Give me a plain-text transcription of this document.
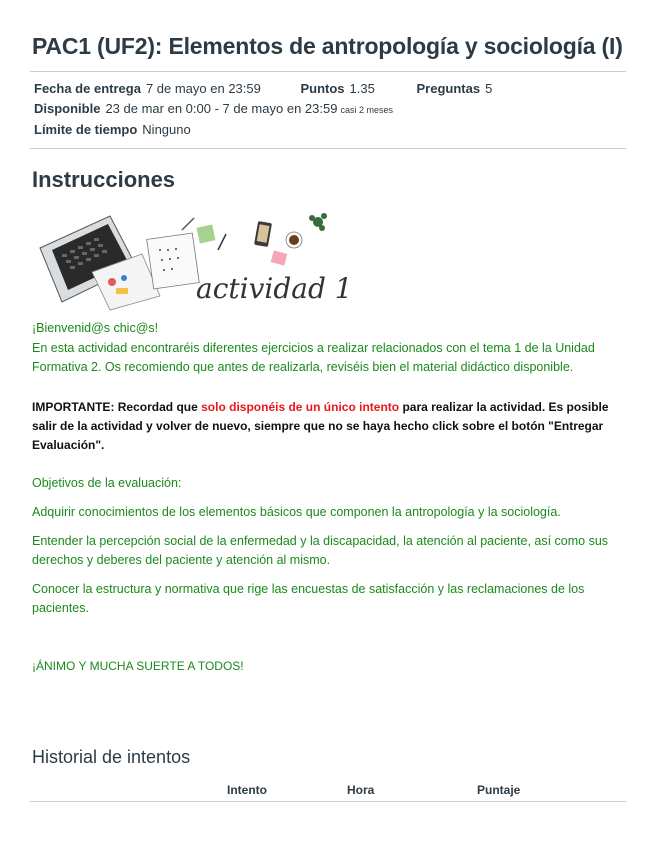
PAC1 (UF2): Elementos de antropología y sociología (I)
Fecha de entrega 7 de mayo en 23:59	Puntos 1.35	Preguntas 5
Disponible 23 de mar en 0:00 - 7 de mayo en 23:59 casi 2 meses
Límite de tiempo Ninguno
Instrucciones
actividad 1
¡Bienvenid@s chic@s!
En esta actividad encontraréis diferentes ejercicios a realizar relacionados con el tema 1 de la Unidad
Formativa 2. Os recomiendo que antes de realizarla, reviséis bien el material didáctico disponible.
IMPORTANTE: Recordad que solo disponéis de un único intento para realizar la actividad. Es posible
salir de la actividad y volver de nuevo, siempre que no se haya hecho click sobre el botón "Entregar
Evaluación".
Objetivos de la evaluación:
Adquirir conocimientos de los elementos básicos que componen la antropología y la sociología.
Entender la percepción social de la enfermedad y la discapacidad, la atención al paciente, así como sus
derechos y deberes del paciente y atención al mismo.
Conocer la estructura y normativa que rige las encuestas de satisfacción y las reclamaciones de los
pacientes.
¡ÁNIMO Y MUCHA SUERTE A TODOS!
Historial de intentos
Intento	Hora	Puntaje
